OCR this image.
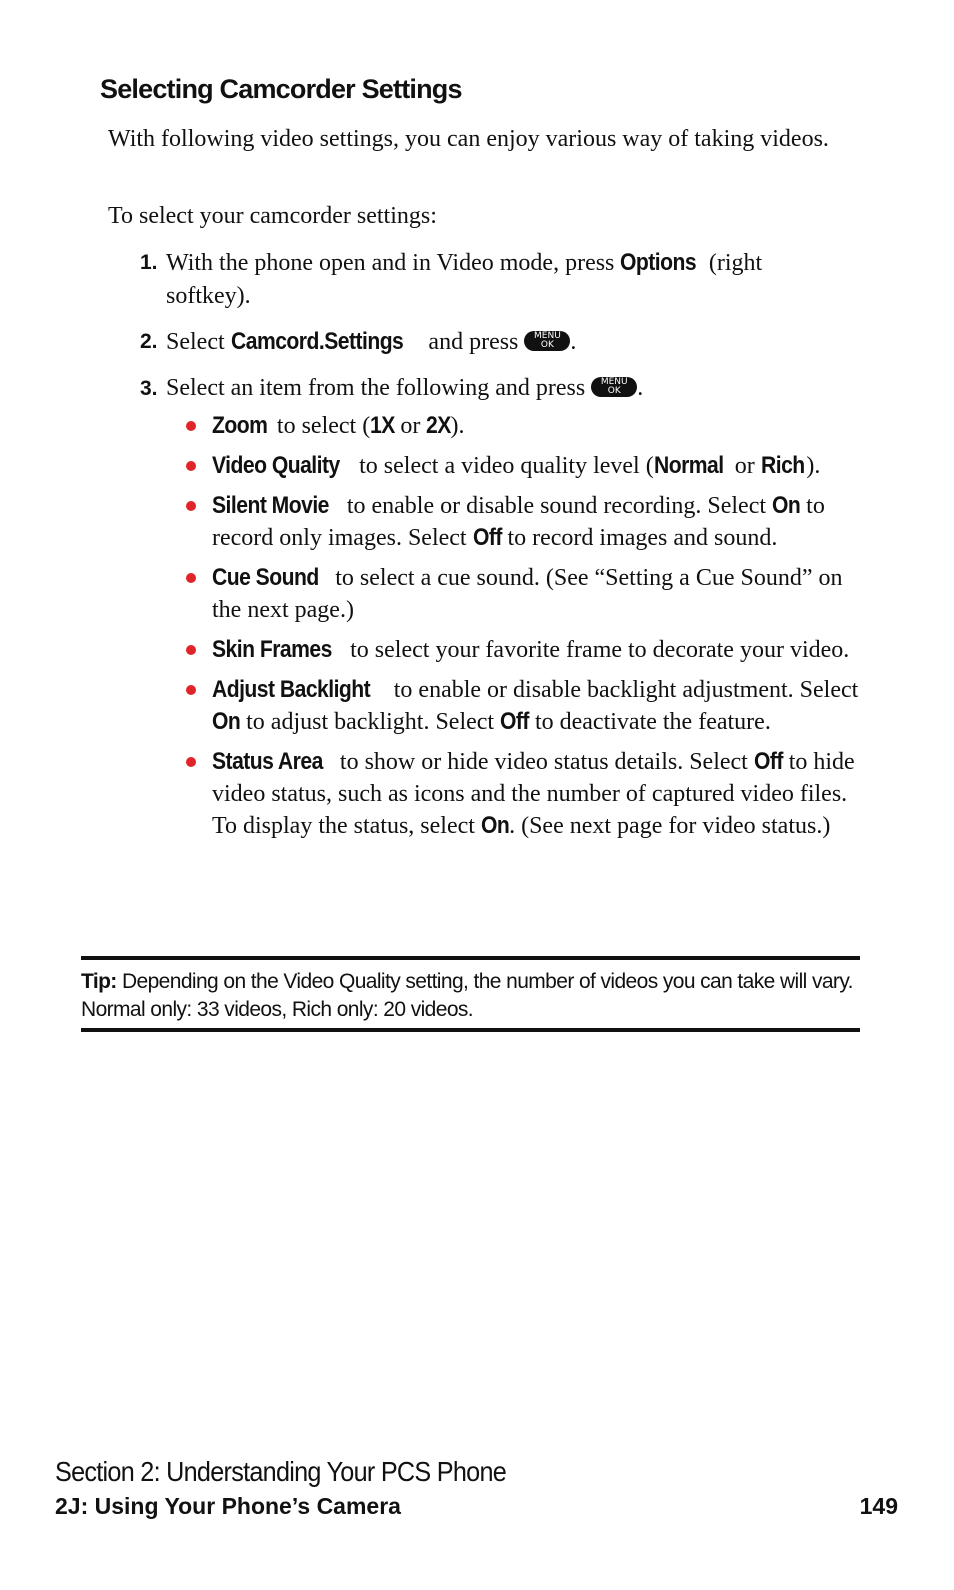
Selecting Camcorder Settings

With following video settings, you can enjoy various way of taking videos.

To select your camcorder settings:

1. With the phone open and in Video mode, press Options (right softkey).
2. Select Camcord.Settings and press	MENU
OK .
3. Select an item from the following and press	MENU
OK .
Zoom to select (1X or 2X).
Video Quality to select a video quality level (Normal or Rich).
Silent Movie to enable or disable sound recording. Select On to record only images. Select Off to record images and sound.
Cue Sound to select a cue sound. (See “Setting a Cue Sound” on the next page.)
Skin Frames to select your favorite frame to decorate your video.
Adjust Backlight to enable or disable backlight adjustment. Select On to adjust backlight. Select Off to deactivate the feature.
Status Area to show or hide video status details. Select Off to hide video status, such as icons and the number of captured video files. To display the status, select On. (See next page for video status.)
Tip: Depending on the Video Quality setting, the number of videos you can take will vary. Normal only: 33 videos, Rich only: 20 videos.
Section 2: Understanding Your PCS Phone
2J: Using Your Phone’s Camera	149
